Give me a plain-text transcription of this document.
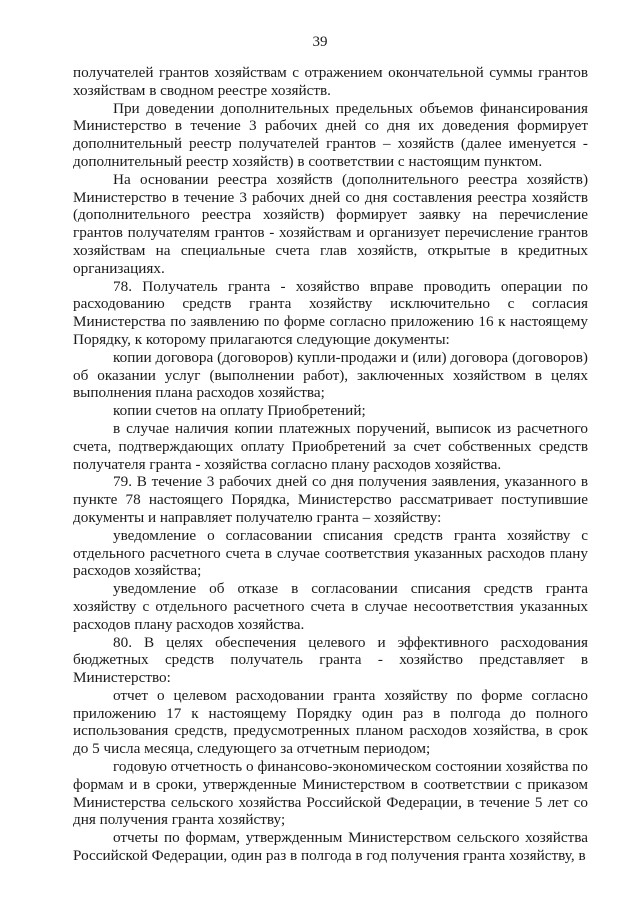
39

получателей грантов хозяйствам с отражением окончательной суммы грантов хозяйствам в сводном реестре хозяйств.

При доведении дополнительных предельных объемов финансирования Министерство в течение 3 рабочих дней со дня их доведения формирует дополнительный реестр получателей грантов – хозяйств (далее именуется - дополнительный реестр хозяйств) в соответствии с настоящим пунктом.

На основании реестра хозяйств (дополнительного реестра хозяйств) Министерство в течение 3 рабочих дней со дня составления реестра хозяйств (дополнительного реестра хозяйств) формирует заявку на перечисление грантов получателям грантов - хозяйствам и организует перечисление грантов хозяйствам на специальные счета глав хозяйств, открытые в кредитных организациях.

78. Получатель гранта - хозяйство вправе проводить операции по расходованию средств гранта хозяйству исключительно с согласия Министерства по заявлению по форме согласно приложению 16 к настоящему Порядку, к которому прилагаются следующие документы:

копии договора (договоров) купли-продажи и (или) договора (договоров) об оказании услуг (выполнении работ), заключенных хозяйством в целях выполнения плана расходов хозяйства;

копии счетов на оплату Приобретений;

в случае наличия копии платежных поручений, выписок из расчетного счета, подтверждающих оплату Приобретений за счет собственных средств получателя гранта - хозяйства согласно плану расходов хозяйства.

79. В течение 3 рабочих дней со дня получения заявления, указанного в пункте 78 настоящего Порядка, Министерство рассматривает поступившие документы и направляет получателю гранта – хозяйству:

уведомление о согласовании списания средств гранта хозяйству с отдельного расчетного счета в случае соответствия указанных расходов плану расходов хозяйства;

уведомление об отказе в согласовании списания средств гранта хозяйству с отдельного расчетного счета в случае несоответствия указанных расходов плану расходов хозяйства.

80. В целях обеспечения целевого и эффективного расходования бюджетных средств получатель гранта - хозяйство представляет в Министерство:

отчет о целевом расходовании гранта хозяйству по форме согласно приложению 17 к настоящему Порядку один раз в полгода до полного использования средств, предусмотренных планом расходов хозяйства, в срок до 5 числа месяца, следующего за отчетным периодом;

годовую отчетность о финансово-экономическом состоянии хозяйства по формам и в сроки, утвержденные Министерством в соответствии с приказом Министерства сельского хозяйства Российской Федерации, в течение 5 лет со дня получения гранта хозяйству;

отчеты по формам, утвержденным Министерством сельского хозяйства Российской Федерации, один раз в полгода в год получения гранта хозяйству, в
